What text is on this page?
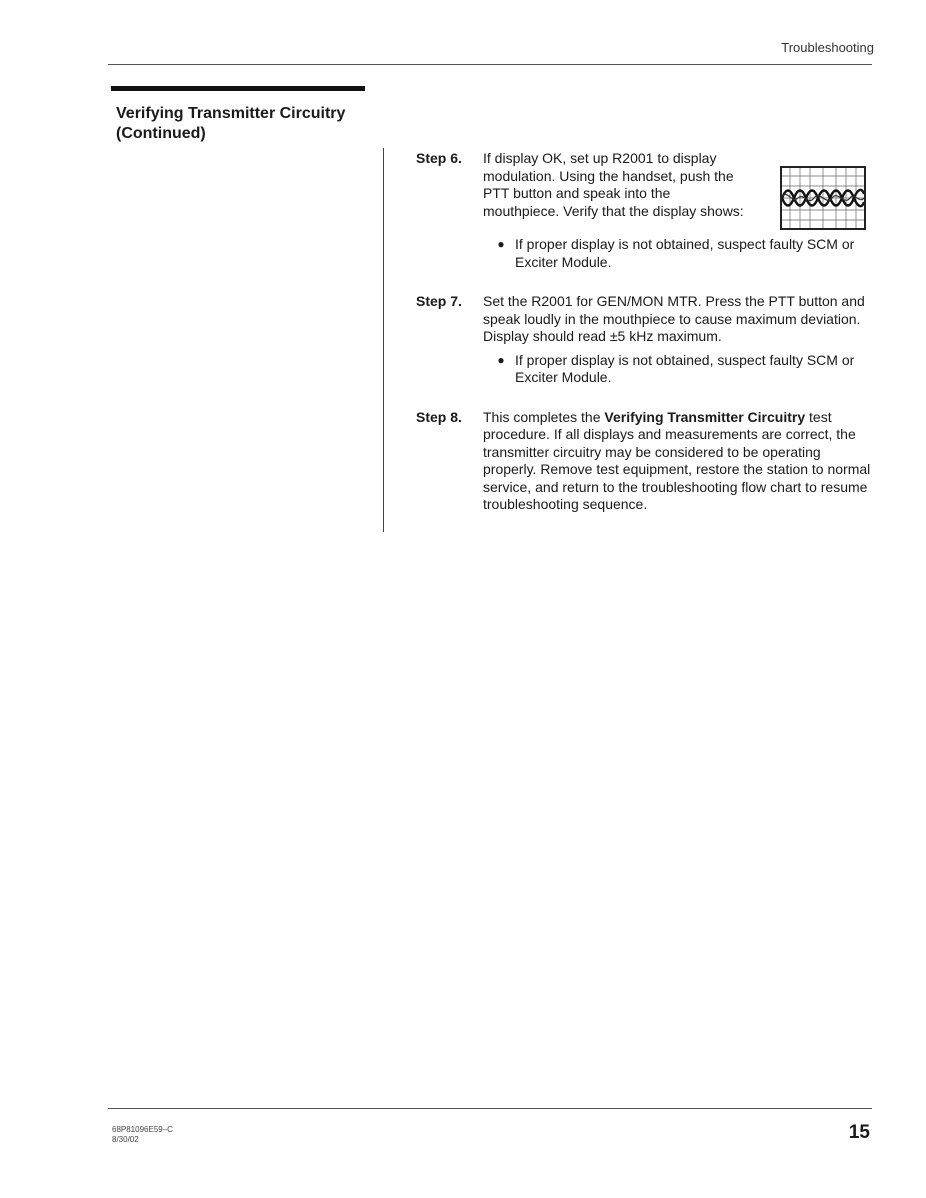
Troubleshooting
Verifying Transmitter Circuitry
(Continued)
Step 6.	If display OK, set up R2001 to display modulation. Using the handset, push the PTT button and speak into the mouthpiece. Verify that the display shows:
● If proper display is not obtained, suspect faulty SCM or Exciter Module.
Step 7.	Set the R2001 for GEN/MON MTR. Press the PTT button and speak loudly in the mouthpiece to cause maximum deviation. Display should read ±5 kHz maximum.
● If proper display is not obtained, suspect faulty SCM or Exciter Module.
Step 8.	This completes the Verifying Transmitter Circuitry test procedure. If all displays and measurements are correct, the transmitter circuitry may be considered to be operating properly. Remove test equipment, restore the station to normal service, and return to the troubleshooting flow chart to resume troubleshooting sequence.
68P81096E59–C
8/30/02	15
